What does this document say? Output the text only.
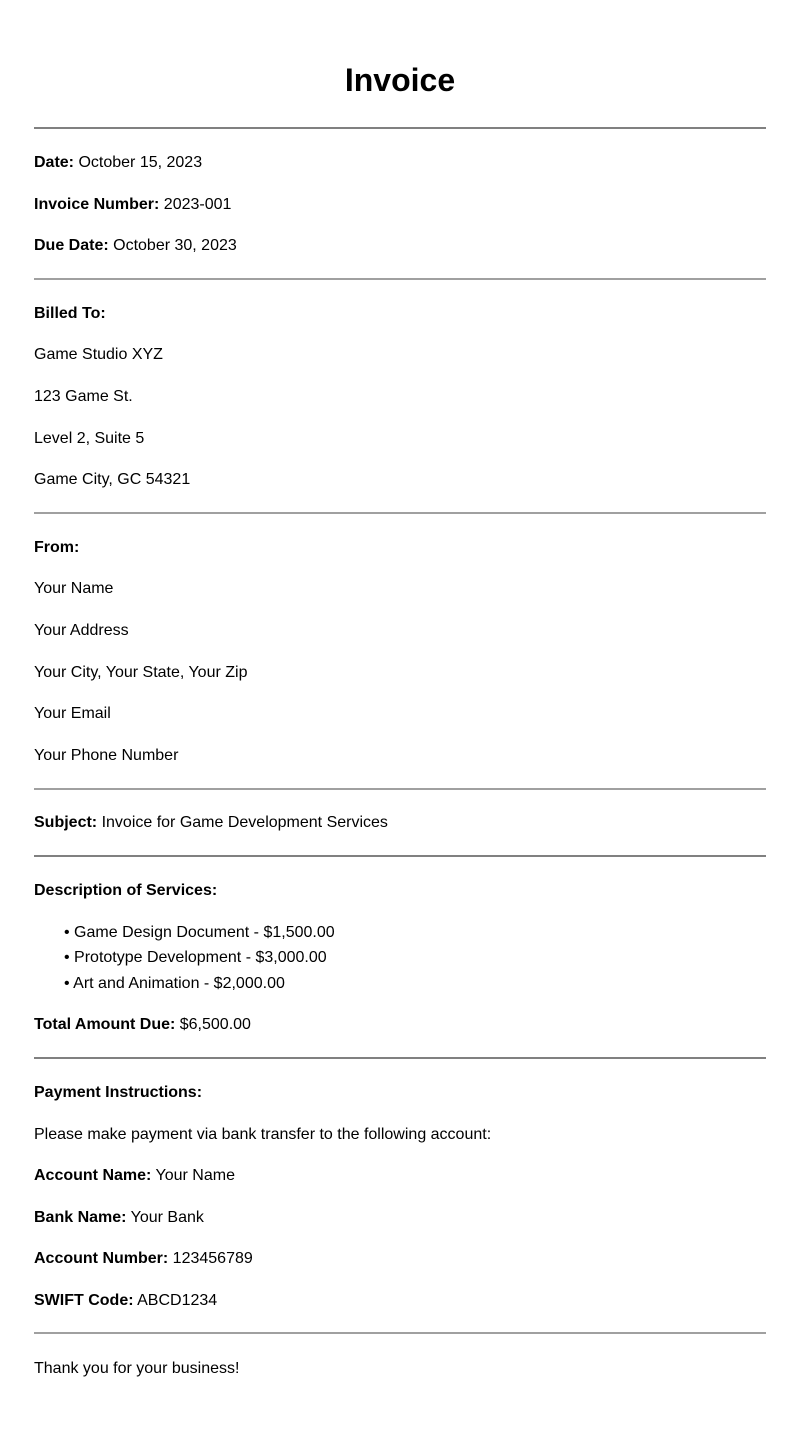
Invoice
Date: October 15, 2023
Invoice Number: 2023-001
Due Date: October 30, 2023
Billed To:
Game Studio XYZ
123 Game St.
Level 2, Suite 5
Game City, GC 54321
From:
Your Name
Your Address
Your City, Your State, Your Zip
Your Email
Your Phone Number
Subject: Invoice for Game Development Services
Description of Services:
• Game Design Document - $1,500.00
• Prototype Development - $3,000.00
• Art and Animation - $2,000.00
Total Amount Due: $6,500.00
Payment Instructions:
Please make payment via bank transfer to the following account:
Account Name: Your Name
Bank Name: Your Bank
Account Number: 123456789
SWIFT Code: ABCD1234
Thank you for your business!
